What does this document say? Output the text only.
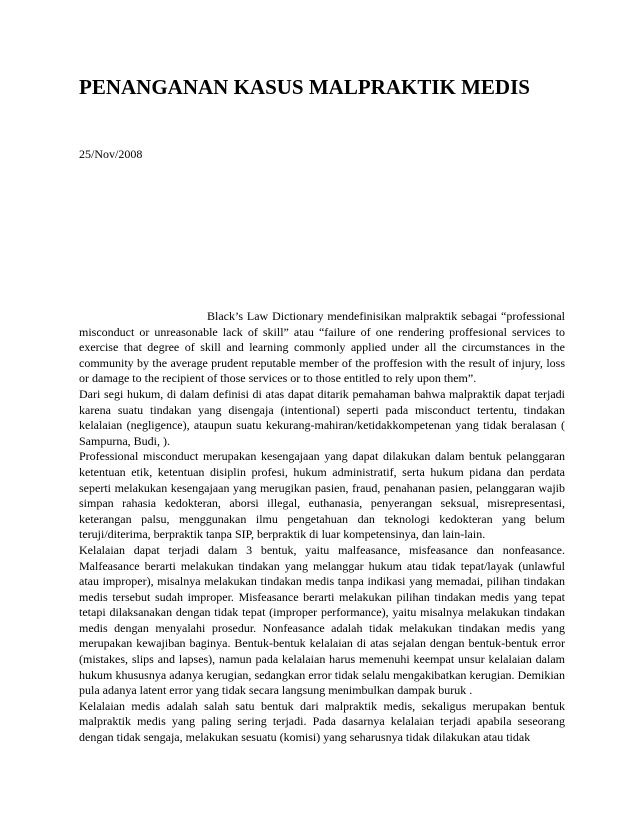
PENANGANAN KASUS MALPRAKTIK MEDIS
25/Nov/2008

Black’s Law Dictionary mendefinisikan malpraktik sebagai “professional misconduct or unreasonable lack of skill” atau “failure of one rendering proffesional services to exercise that degree of skill and learning commonly applied under all the circumstances in the community by the average prudent reputable member of the proffesion with the result of injury, loss or damage to the recipient of those services or to those entitled to rely upon them”.

Dari segi hukum, di dalam definisi di atas dapat ditarik pemahaman bahwa malpraktik dapat terjadi karena suatu tindakan yang disengaja (intentional) seperti pada misconduct tertentu, tindakan kelalaian (negligence), ataupun suatu kekurang-mahiran/ketidakkompetenan yang tidak beralasan ( Sampurna, Budi, ).

Professional misconduct merupakan kesengajaan yang dapat dilakukan dalam bentuk pelanggaran ketentuan etik, ketentuan disiplin profesi, hukum administratif, serta hukum pidana dan perdata seperti melakukan kesengajaan yang merugikan pasien, fraud, penahanan pasien, pelanggaran wajib simpan rahasia kedokteran, aborsi illegal, euthanasia, penyerangan seksual, misrepresentasi, keterangan palsu, menggunakan ilmu pengetahuan dan teknologi kedokteran yang belum teruji/diterima, berpraktik tanpa SIP, berpraktik di luar kompetensinya, dan lain-lain.

Kelalaian dapat terjadi dalam 3 bentuk, yaitu malfeasance, misfeasance dan nonfeasance. Malfeasance berarti melakukan tindakan yang melanggar hukum atau tidak tepat/layak (unlawful atau improper), misalnya melakukan tindakan medis tanpa indikasi yang memadai, pilihan tindakan medis tersebut sudah improper. Misfeasance berarti melakukan pilihan tindakan medis yang tepat tetapi dilaksanakan dengan tidak tepat (improper performance), yaitu misalnya melakukan tindakan medis dengan menyalahi prosedur. Nonfeasance adalah tidak melakukan tindakan medis yang merupakan kewajiban baginya. Bentuk-bentuk kelalaian di atas sejalan dengan bentuk-bentuk error (mistakes, slips and lapses), namun pada kelalaian harus memenuhi keempat unsur kelalaian dalam hukum khususnya adanya kerugian, sedangkan error tidak selalu mengakibatkan kerugian. Demikian pula adanya latent error yang tidak secara langsung menimbulkan dampak buruk .

Kelalaian medis adalah salah satu bentuk dari malpraktik medis, sekaligus merupakan bentuk malpraktik medis yang paling sering terjadi. Pada dasarnya kelalaian terjadi apabila seseorang dengan tidak sengaja, melakukan sesuatu (komisi) yang seharusnya tidak dilakukan atau tidak
